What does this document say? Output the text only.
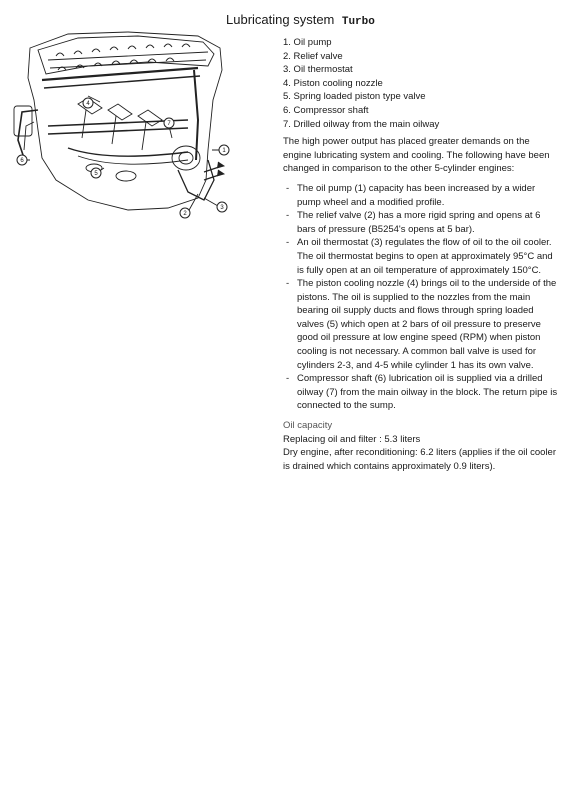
Lubricating system Turbo
4
7
1
6
5
2
3
1. Oil pump
2. Relief valve
3. Oil thermostat
4. Piston cooling nozzle
5. Spring loaded piston type valve
6. Compressor shaft
7. Drilled oilway from the main oilway

The high power output has placed greater demands on the engine lubricating system and cooling. The following have been changed in comparison to the other 5-cylinder engines:

- The oil pump (1) capacity has been increased by a wider pump wheel and a modified profile.
- The relief valve (2) has a more rigid spring and opens at 6 bars of pressure (B5254's opens at 5 bar).
- An oil thermostat (3) regulates the flow of oil to the oil cooler. The oil thermostat begins to open at approximately 95°C and is fully open at an oil temperature of approximately 150°C.
- The piston cooling nozzle (4) brings oil to the underside of the pistons. The oil is supplied to the nozzles from the main bearing oil supply ducts and flows through spring loaded valves (5) which open at 2 bars of oil pressure to preserve good oil pressure at low engine speed (RPM) when piston cooling is not necessary. A common ball valve is used for cylinders 2-3, and 4-5 while cylinder 1 has its own valve.
- Compressor shaft (6) lubrication oil is supplied via a drilled oilway (7) from the main oilway in the block. The return pipe is connected to the sump.

Oil capacity

Replacing oil and filter : 5.3 liters

Dry engine, after reconditioning: 6.2 liters (applies if the oil cooler is drained which contains approximately 0.9 liters).
